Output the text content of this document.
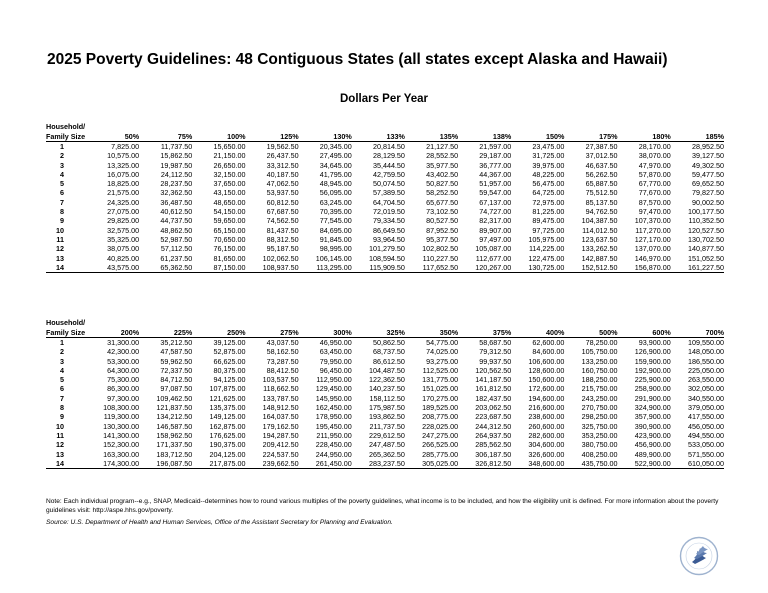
2025 Poverty Guidelines: 48 Contiguous States (all states except Alaska and Hawaii)
Dollars Per Year
Household/												
Family Size	50%	75%	100%	125%	130%	133%	135%	138%	150%	175%	180%	185%
1	7,825.00	11,737.50	15,650.00	19,562.50	20,345.00	20,814.50	21,127.50	21,597.00	23,475.00	27,387.50	28,170.00	28,952.50
2	10,575.00	15,862.50	21,150.00	26,437.50	27,495.00	28,129.50	28,552.50	29,187.00	31,725.00	37,012.50	38,070.00	39,127.50
3	13,325.00	19,987.50	26,650.00	33,312.50	34,645.00	35,444.50	35,977.50	36,777.00	39,975.00	46,637.50	47,970.00	49,302.50
4	16,075.00	24,112.50	32,150.00	40,187.50	41,795.00	42,759.50	43,402.50	44,367.00	48,225.00	56,262.50	57,870.00	59,477.50
5	18,825.00	28,237.50	37,650.00	47,062.50	48,945.00	50,074.50	50,827.50	51,957.00	56,475.00	65,887.50	67,770.00	69,652.50
6	21,575.00	32,362.50	43,150.00	53,937.50	56,095.00	57,389.50	58,252.50	59,547.00	64,725.00	75,512.50	77,670.00	79,827.50
7	24,325.00	36,487.50	48,650.00	60,812.50	63,245.00	64,704.50	65,677.50	67,137.00	72,975.00	85,137.50	87,570.00	90,002.50
8	27,075.00	40,612.50	54,150.00	67,687.50	70,395.00	72,019.50	73,102.50	74,727.00	81,225.00	94,762.50	97,470.00	100,177.50
9	29,825.00	44,737.50	59,650.00	74,562.50	77,545.00	79,334.50	80,527.50	82,317.00	89,475.00	104,387.50	107,370.00	110,352.50
10	32,575.00	48,862.50	65,150.00	81,437.50	84,695.00	86,649.50	87,952.50	89,907.00	97,725.00	114,012.50	117,270.00	120,527.50
11	35,325.00	52,987.50	70,650.00	88,312.50	91,845.00	93,964.50	95,377.50	97,497.00	105,975.00	123,637.50	127,170.00	130,702.50
12	38,075.00	57,112.50	76,150.00	95,187.50	98,995.00	101,279.50	102,802.50	105,087.00	114,225.00	133,262.50	137,070.00	140,877.50
13	40,825.00	61,237.50	81,650.00	102,062.50	106,145.00	108,594.50	110,227.50	112,677.00	122,475.00	142,887.50	146,970.00	151,052.50
14	43,575.00	65,362.50	87,150.00	108,937.50	113,295.00	115,909.50	117,652.50	120,267.00	130,725.00	152,512.50	156,870.00	161,227.50
Household/												
Family Size	200%	225%	250%	275%	300%	325%	350%	375%	400%	500%	600%	700%
1	31,300.00	35,212.50	39,125.00	43,037.50	46,950.00	50,862.50	54,775.00	58,687.50	62,600.00	78,250.00	93,900.00	109,550.00
2	42,300.00	47,587.50	52,875.00	58,162.50	63,450.00	68,737.50	74,025.00	79,312.50	84,600.00	105,750.00	126,900.00	148,050.00
3	53,300.00	59,962.50	66,625.00	73,287.50	79,950.00	86,612.50	93,275.00	99,937.50	106,600.00	133,250.00	159,900.00	186,550.00
4	64,300.00	72,337.50	80,375.00	88,412.50	96,450.00	104,487.50	112,525.00	120,562.50	128,600.00	160,750.00	192,900.00	225,050.00
5	75,300.00	84,712.50	94,125.00	103,537.50	112,950.00	122,362.50	131,775.00	141,187.50	150,600.00	188,250.00	225,900.00	263,550.00
6	86,300.00	97,087.50	107,875.00	118,662.50	129,450.00	140,237.50	151,025.00	161,812.50	172,600.00	215,750.00	258,900.00	302,050.00
7	97,300.00	109,462.50	121,625.00	133,787.50	145,950.00	158,112.50	170,275.00	182,437.50	194,600.00	243,250.00	291,900.00	340,550.00
8	108,300.00	121,837.50	135,375.00	148,912.50	162,450.00	175,987.50	189,525.00	203,062.50	216,600.00	270,750.00	324,900.00	379,050.00
9	119,300.00	134,212.50	149,125.00	164,037.50	178,950.00	193,862.50	208,775.00	223,687.50	238,600.00	298,250.00	357,900.00	417,550.00
10	130,300.00	146,587.50	162,875.00	179,162.50	195,450.00	211,737.50	228,025.00	244,312.50	260,600.00	325,750.00	390,900.00	456,050.00
11	141,300.00	158,962.50	176,625.00	194,287.50	211,950.00	229,612.50	247,275.00	264,937.50	282,600.00	353,250.00	423,900.00	494,550.00
12	152,300.00	171,337.50	190,375.00	209,412.50	228,450.00	247,487.50	266,525.00	285,562.50	304,600.00	380,750.00	456,900.00	533,050.00
13	163,300.00	183,712.50	204,125.00	224,537.50	244,950.00	265,362.50	285,775.00	306,187.50	326,600.00	408,250.00	489,900.00	571,550.00
14	174,300.00	196,087.50	217,875.00	239,662.50	261,450.00	283,237.50	305,025.00	326,812.50	348,600.00	435,750.00	522,900.00	610,050.00
Note: Each individual program--e.g., SNAP, Medicaid--determines how to round various multiples of the poverty guidelines, what income is to be included, and how the eligibility unit is defined. For more information about the poverty guidelines visit: http://aspe.hhs.gov/poverty.
Source: U.S. Department of Health and Human Services, Office of the Assistant Secretary for Planning and Evaluation.
